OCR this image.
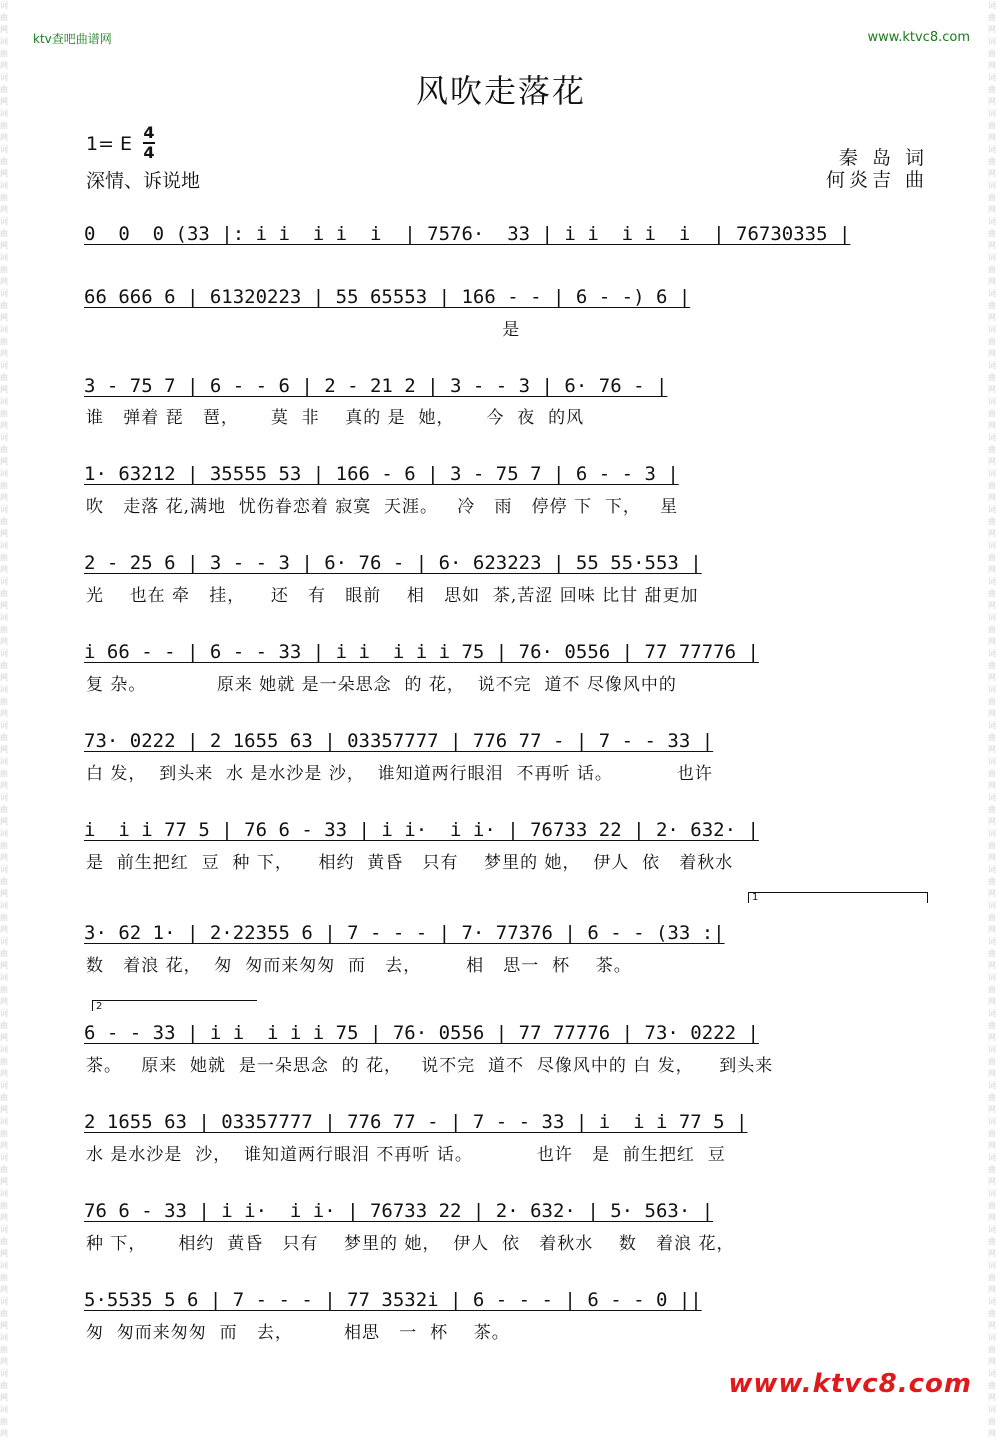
词曲网词曲网词曲网词曲网词曲网词曲网词曲网词曲网词曲网词曲网词曲网词曲网词曲网词曲网词曲网词曲网词曲网词曲网词曲网词曲网词曲网词曲网词曲网词曲网词曲网词曲网词曲网词曲网词曲网词曲网词曲网词曲网词曲网词曲网词曲网词曲网词曲网词曲网词曲网词曲网
词曲网词曲网词曲网词曲网词曲网词曲网词曲网词曲网词曲网词曲网词曲网词曲网词曲网词曲网词曲网词曲网词曲网词曲网词曲网词曲网词曲网词曲网词曲网词曲网词曲网词曲网词曲网词曲网词曲网词曲网词曲网词曲网词曲网词曲网词曲网词曲网词曲网词曲网词曲网词曲网
ktv查吧曲谱网	www.ktvc8.com
风吹走落花
1= E
4
4
深情、诉说地
秦 岛 词
何炎吉 曲
0  0  0 (33 |: i i  i i  i  | 7576·  33 | i i  i i  i  | 76730335 |
66 666 6 | 61320223 | 55 65553 | 166 - - | 6 - -) 6 |
是
3 - 75 7 | 6 - - 6 | 2 - 21 2 | 3 - - 3 | 6· 76 - |
谁   弹着 琵   琶，     莫  非    真的 是  她，     今  夜  的风
1· 63212 | 35555 53 | 166 - 6 | 3 - 75 7 | 6 - - 3 |
吹   走落 花,满地  忧伤眷恋着 寂寞  天涯。   冷   雨   停停 下  下，   星
2 - 25 6 | 3 - - 3 | 6· 76 - | 6· 623223 | 55 55·553 |
光    也在 牵   挂，    还   有   眼前    相   思如  茶,苦涩 回味 比甘 甜更加
i 66 - - | 6 - - 33 | i i  i i i 75 | 76· 0556 | 77 77776 |
复 杂。           原来 她就 是一朵思念  的 花，  说不完  道不 尽像风中的
73· 0222 | 2 1655 63 | 03357777 | 776 77 - | 7 - - 33 |
白 发，  到头来  水 是水沙是 沙，  谁知道两行眼泪  不再听 话。          也许
i  i i 77 5 | 76 6 - 33 | i i·  i i· | 76733 22 | 2· 632· |
是  前生把红  豆  种 下，    相约  黄昏   只有    梦里的 她，  伊人  依   着秋水
1
3· 62 1· | 2·22355 6 | 7 - - - | 7· 77376 | 6 - - (33 :|
数   着浪 花，  匆  匆而来匆匆  而   去，       相   思一  杯    茶。
2
6 - - 33 | i i  i i i 75 | 76· 0556 | 77 77776 | 73· 0222 |
茶。   原来  她就  是一朵思念  的 花，   说不完  道不  尽像风中的 白 发，    到头来
2 1655 63 | 03357777 | 776 77 - | 7 - - 33 | i  i i 77 5 |
水 是水沙是  沙，  谁知道两行眼泪 不再听 话。          也许   是  前生把红  豆
76 6 - 33 | i i·  i i· | 76733 22 | 2· 632· | 5· 563· |
种 下，     相约  黄昏   只有    梦里的 她，  伊人  依   着秋水    数   着浪 花，
5·5535 5 6 | 7 - - - | 77 3532i | 6 - - - | 6 - - 0 ||
匆  匆而来匆匆  而   去，        相思   一  杯    茶。
www.ktvc8.com
